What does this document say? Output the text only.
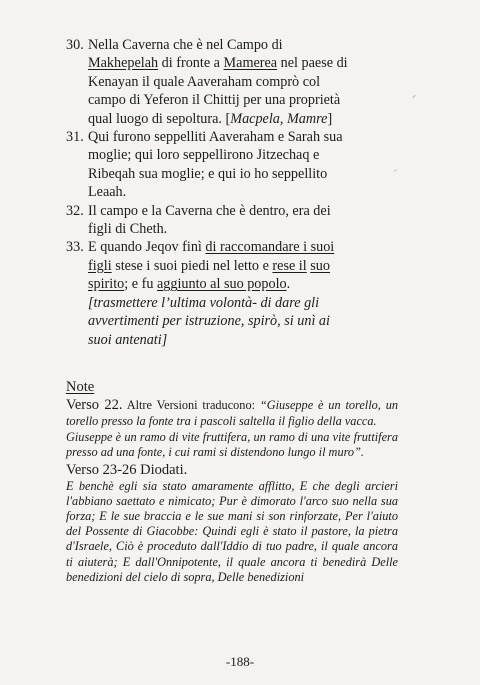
30. Nella Caverna che è nel Campo di
Makhepelah di fronte a Mamerea nel paese di
Kenayan il quale Aaveraham comprò col
campo di Yeferon il Chittij per una proprietà
qual luogo di sepoltura. [Macpela, Mamre]
31. Qui furono seppelliti Aaveraham e Sarah sua
moglie; qui loro seppellirono Jitzechaq e
Ribeqah sua moglie; e qui io ho seppellito
Leaah.
32. Il campo e la Caverna che è dentro, era dei
figli di Cheth.
33. E quando Jeqov finì di raccomandare i suoi
figli stese i suoi piedi nel letto e rese il suo
spirito; e fu aggiunto al suo popolo.
[trasmettere l’ultima volontà- di dare gli
avvertimenti per istruzione, spirò, si unì ai
suoi antenati]
Note
Verso 22. Altre Versioni traducono: “Giuseppe è un torello, un torello presso la fonte tra i pascoli saltella il figlio della vacca.
Giuseppe è un ramo di vite fruttifera, un ramo di una vite fruttifera presso ad una fonte, i cui rami si distendono lungo il muro”.
Verso 23-26 Diodati.
E benchè egli sia stato amaramente afflitto, E che degli arcieri l'abbiano saettato e nimicato; Pur è dimorato l'arco suo nella sua forza; E le sue braccia e le sue mani si son rinforzate, Per l'aiuto del Possente di Giacobbe: Quindi egli è stato il pastore, la pietra d'Israele, Ciò è proceduto dall'Iddio di tuo padre, il quale ancora ti aiuterà; E dall'Onnipotente, il quale ancora ti benedirà Delle benedizioni del cielo di sopra, Delle benedizioni
-188-
